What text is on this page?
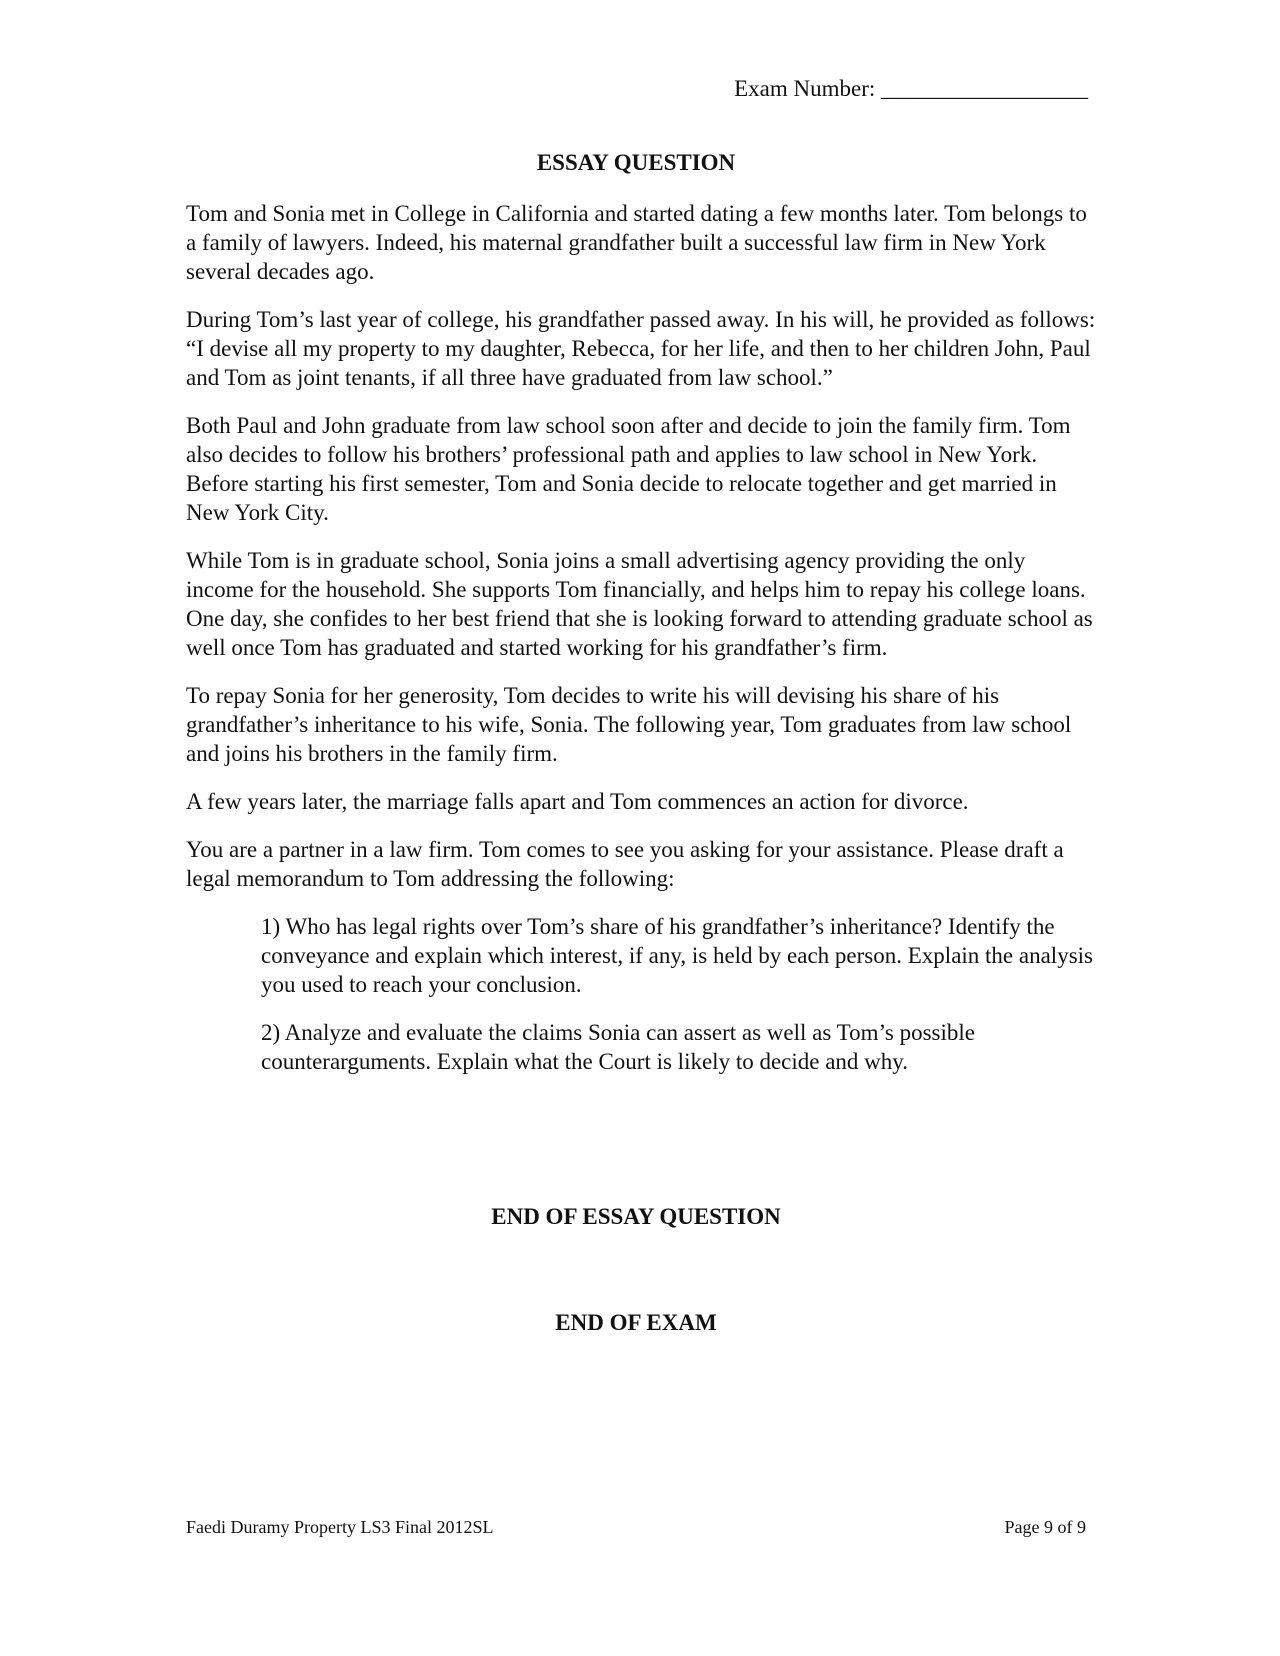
Exam Number: __________________
ESSAY QUESTION

Tom and Sonia met in College in California and started dating a few months later. Tom belongs to a family of lawyers. Indeed, his maternal grandfather built a successful law firm in New York several decades ago.

During Tom’s last year of college, his grandfather passed away. In his will, he provided as follows: “I devise all my property to my daughter, Rebecca, for her life, and then to her children John, Paul and Tom as joint tenants, if all three have graduated from law school.”

Both Paul and John graduate from law school soon after and decide to join the family firm. Tom also decides to follow his brothers’ professional path and applies to law school in New York. Before starting his first semester, Tom and Sonia decide to relocate together and get married in New York City.

While Tom is in graduate school, Sonia joins a small advertising agency providing the only income for the household. She supports Tom financially, and helps him to repay his college loans. One day, she confides to her best friend that she is looking forward to attending graduate school as well once Tom has graduated and started working for his grandfather’s firm.

To repay Sonia for her generosity, Tom decides to write his will devising his share of his grandfather’s inheritance to his wife, Sonia. The following year, Tom graduates from law school and joins his brothers in the family firm.

A few years later, the marriage falls apart and Tom commences an action for divorce.

You are a partner in a law firm. Tom comes to see you asking for your assistance. Please draft a legal memorandum to Tom addressing the following:

1) Who has legal rights over Tom’s share of his grandfather’s inheritance? Identify the conveyance and explain which interest, if any, is held by each person. Explain the analysis you used to reach your conclusion.

2) Analyze and evaluate the claims Sonia can assert as well as Tom’s possible counterarguments. Explain what the Court is likely to decide and why.

END OF ESSAY QUESTION
END OF EXAM
Faedi Duramy Property LS3 Final 2012SL	Page 9 of 9
